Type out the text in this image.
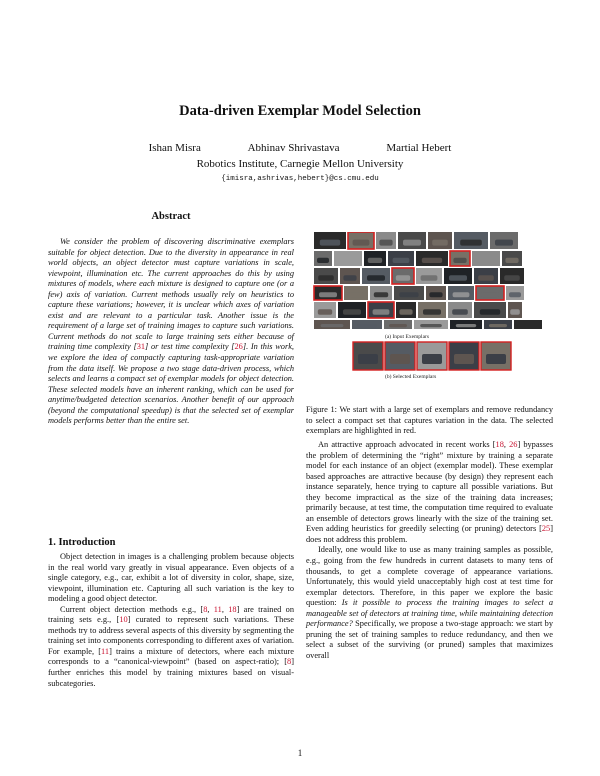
Data-driven Exemplar Model Selection
Ishan Misra	Abhinav Shrivastava	Martial Hebert
Robotics Institute, Carnegie Mellon University
{imisra,ashrivas,hebert}@cs.cmu.edu
Abstract

We consider the problem of discovering discriminative exemplars suitable for object detection. Due to the diversity in appearance in real world objects, an object detector must capture variations in scale, viewpoint, illumination etc. The current approaches do this by using mixtures of models, where each mixture is designed to capture one (or a few) axis of variation. Current methods usually rely on heuristics to capture these variations; however, it is unclear which axes of variation exist and are relevant to a particular task. Another issue is the requirement of a large set of training images to capture such variations. Current methods do not scale to large training sets either because of training time complexity [31] or test time complexity [26]. In this work, we explore the idea of compactly capturing task-appropriate variation from the data itself. We propose a two stage data-driven process, which selects and learns a compact set of exemplar models for object detection. These selected models have an inherent ranking, which can be used for anytime/budgeted detection scenarios. Another benefit of our approach (beyond the computational speedup) is that the selected set of exemplar models performs better than the entire set.

1. Introduction

Object detection in images is a challenging problem because objects in the real world vary greatly in visual appearance. Even objects of a single category, e.g., car, exhibit a lot of diversity in color, shape, size, viewpoint, illumination etc. Capturing all such variation is the key to modeling a good object detector.

Current object detection methods e.g., [8, 11, 18] are trained on training sets e.g., [10] curated to represent such variations. These methods try to address several aspects of this diversity by segmenting the training set into components corresponding to different axes of variation. For example, [11] trains a mixture of detectors, where each mixture corresponds to a “canonical-viewpoint” (based on aspect-ratio); [8] further enriches this model by training mixtures based on visual-subcategories.

(a) Input Exemplars
(b) Selected Exemplars
Figure 1: We start with a large set of exemplars and remove redundancy to select a compact set that captures variation in the data. The selected exemplars are highlighted in red.

An attractive approach advocated in recent works [18, 26] bypasses the problem of determining the “right” mixture by training a separate model for each instance of an object (exemplar model). These exemplar based approaches are attractive because (by design) they represent each instance separately, hence trying to capture all possible variations. But they become impractical as the size of the training data increases; primarily because, at test time, the computation time required to evaluate an ensemble of detectors grows linearly with the size of the training set. Even adding heuristics for greedily selecting (or pruning) detectors [25] does not address this problem.

Ideally, one would like to use as many training samples as possible, e.g., going from the few hundreds in current datasets to many tens of thousands, to get a complete coverage of appearance variations. Unfortunately, this would yield unacceptably high cost at test time for exemplar detectors. Therefore, in this paper we explore the basic question: Is it possible to process the training images to select a manageable set of detectors at training time, while maintaining detection performance? Specifically, we propose a two-stage approach: we start by pruning the set of training samples to reduce redundancy, and then we select a subset of the surviving (or pruned) samples that maximizes overall

1
